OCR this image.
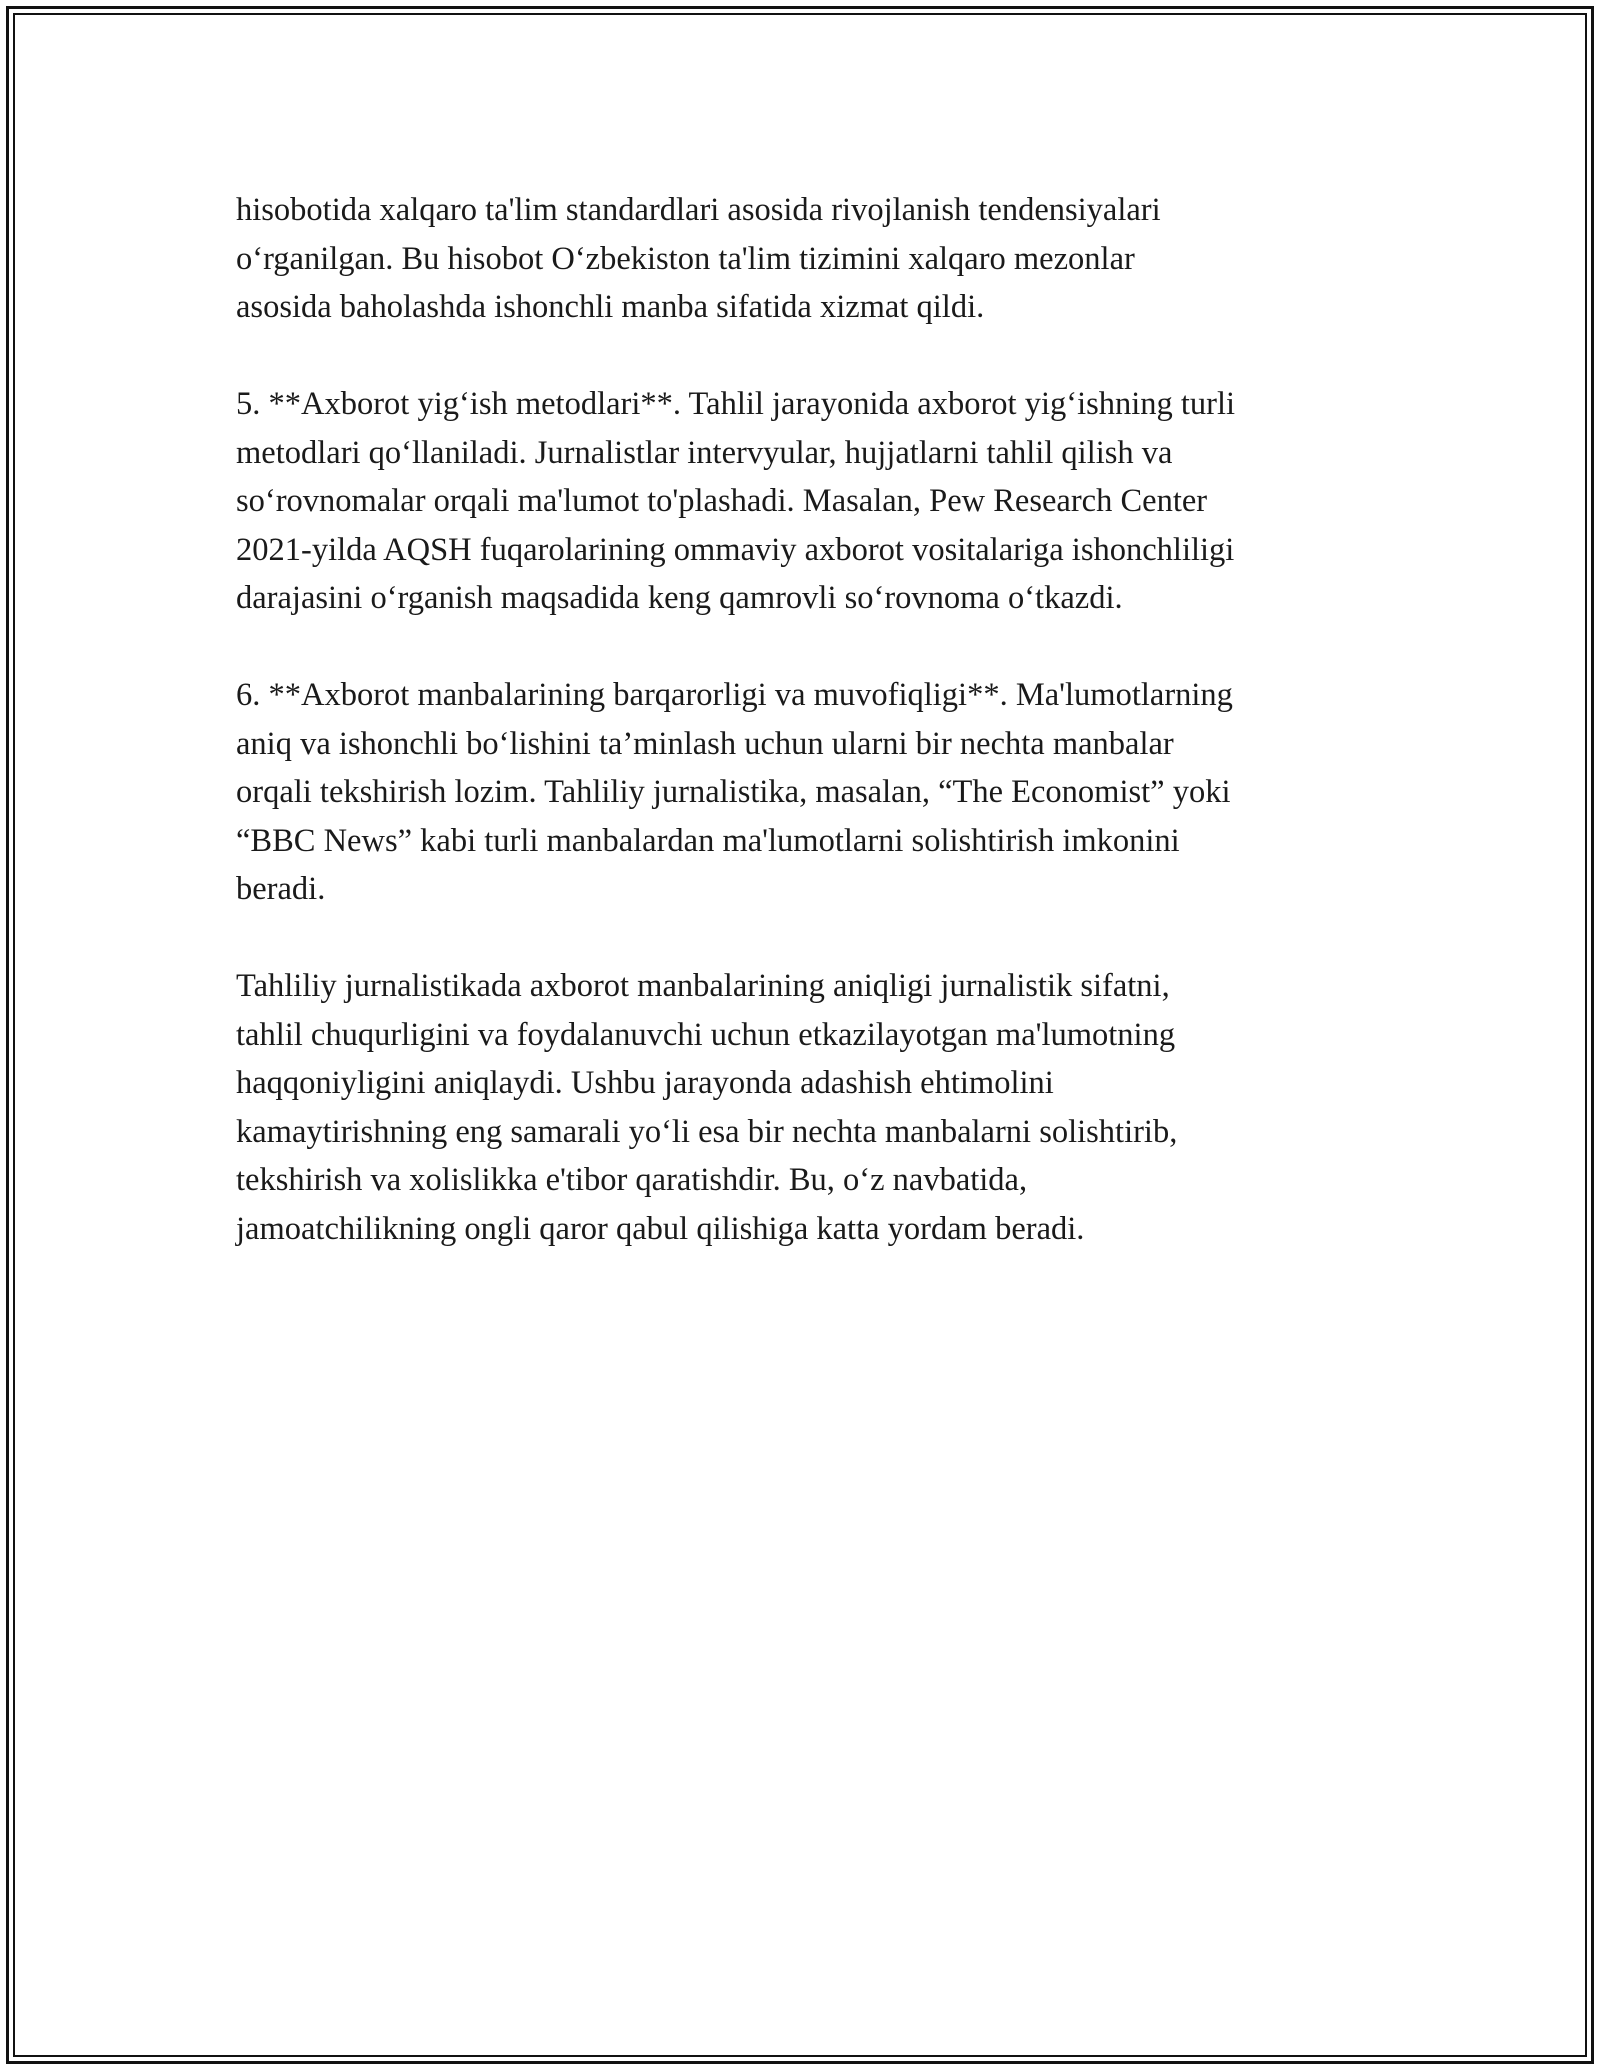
hisobotida xalqaro ta'lim standardlari asosida rivojlanish tendensiyalari
o‘rganilgan. Bu hisobot O‘zbekiston ta'lim tizimini xalqaro mezonlar
asosida baholashda ishonchli manba sifatida xizmat qildi.

5. **Axborot yig‘ish metodlari**. Tahlil jarayonida axborot yig‘ishning turli
metodlari qo‘llaniladi. Jurnalistlar intervyular, hujjatlarni tahlil qilish va
so‘rovnomalar orqali ma'lumot to'plashadi. Masalan, Pew Research Center
2021-yilda AQSH fuqarolarining ommaviy axborot vositalariga ishonchliligi
darajasini o‘rganish maqsadida keng qamrovli so‘rovnoma o‘tkazdi.

6. **Axborot manbalarining barqarorligi va muvofiqligi**. Ma'lumotlarning
aniq va ishonchli bo‘lishini ta’minlash uchun ularni bir nechta manbalar
orqali tekshirish lozim. Tahliliy jurnalistika, masalan, “The Economist” yoki
“BBC News” kabi turli manbalardan ma'lumotlarni solishtirish imkonini
beradi.

Tahliliy jurnalistikada axborot manbalarining aniqligi jurnalistik sifatni,
tahlil chuqurligini va foydalanuvchi uchun etkazilayotgan ma'lumotning
haqqoniyligini aniqlaydi. Ushbu jarayonda adashish ehtimolini
kamaytirishning eng samarali yo‘li esa bir nechta manbalarni solishtirib,
tekshirish va xolislikka e'tibor qaratishdir. Bu, o‘z navbatida,
jamoatchilikning ongli qaror qabul qilishiga katta yordam beradi.
